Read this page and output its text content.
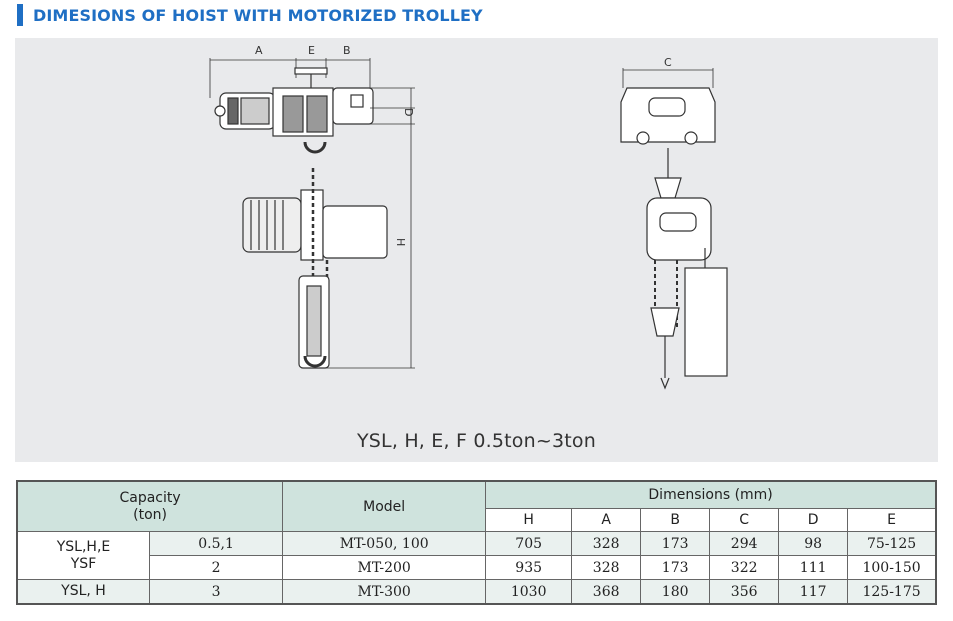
DIMESIONS OF HOIST WITH MOTORIZED TROLLEY
A	E	B
D
H
C
YSL, H, E, F 0.5ton~3ton
Capacity
(ton)		Model	Dimensions (mm)					
			H	A	B	C	D	E
YSL,H,E
YSF	0.5,1	MT-050, 100	705	328	173	294	98	75-125
	2	MT-200	935	328	173	322	111	100-150
YSL, H	3	MT-300	1030	368	180	356	117	125-175
